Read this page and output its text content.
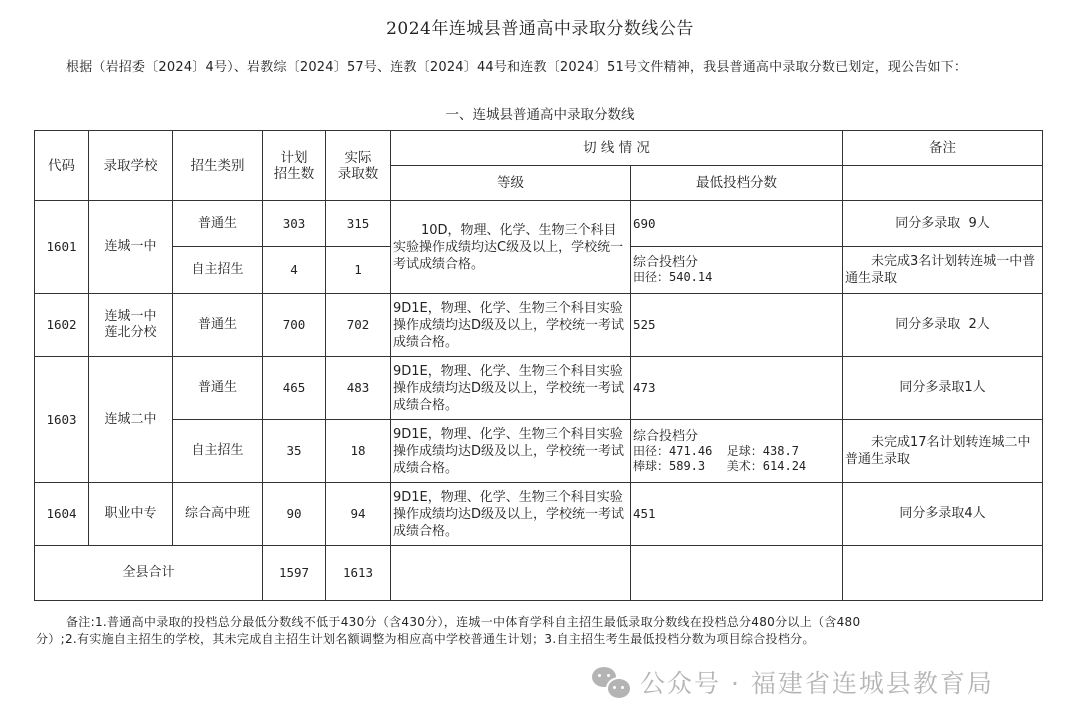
2024年连城县普通高中录取分数线公告
根据（岩招委〔2024〕4号）、岩教综〔2024〕57号、连教〔2024〕44号和连教〔2024〕51号文件精神，我县普通高中录取分数已划定，现公告如下：
一、连城县普通高中录取分数线
代码	录取学校	招生类别	计划
招生数	实际
录取数	切 线 情 况		备注
					等级	最低投档分数	
1601	连城一中	普通生	303	315	10D，物理、化学、生物三个科目实验操作成绩均达C级及以上，学校统一考试成绩合格。	690	同分多录取  9人
		自主招生	4	1		综合投档分
田径：540.14	未完成3名计划转连城一中普通生录取
1602	连城一中
莲北分校	普通生	700	702	9D1E，物理、化学、生物三个科目实验操作成绩均达D级及以上，学校统一考试成绩合格。	525	同分多录取  2人
1603	连城二中	普通生	465	483	9D1E，物理、化学、生物三个科目实验操作成绩均达D级及以上，学校统一考试成绩合格。	473	同分多录取1人
		自主招生	35	18	9D1E，物理、化学、生物三个科目实验操作成绩均达D级及以上，学校统一考试成绩合格。	综合投档分
田径：471.46  足球：438.7
棒球：589.3   美术：614.24	未完成17名计划转连城二中普通生录取
1604	职业中专	综合高中班	90	94	9D1E，物理、化学、生物三个科目实验操作成绩均达D级及以上，学校统一考试成绩合格。	451	同分多录取4人
全县合计			1597	1613			
备注:1.普通高中录取的投档总分最低分数线不低于430分（含430分），连城一中体育学科自主招生最低录取分数线在投档总分480分以上（含480
分）;2.有实施自主招生的学校，其未完成自主招生计划名额调整为相应高中学校普通生计划；3.自主招生考生最低投档分数为项目综合投档分。
公众号 · 福建省连城县教育局
